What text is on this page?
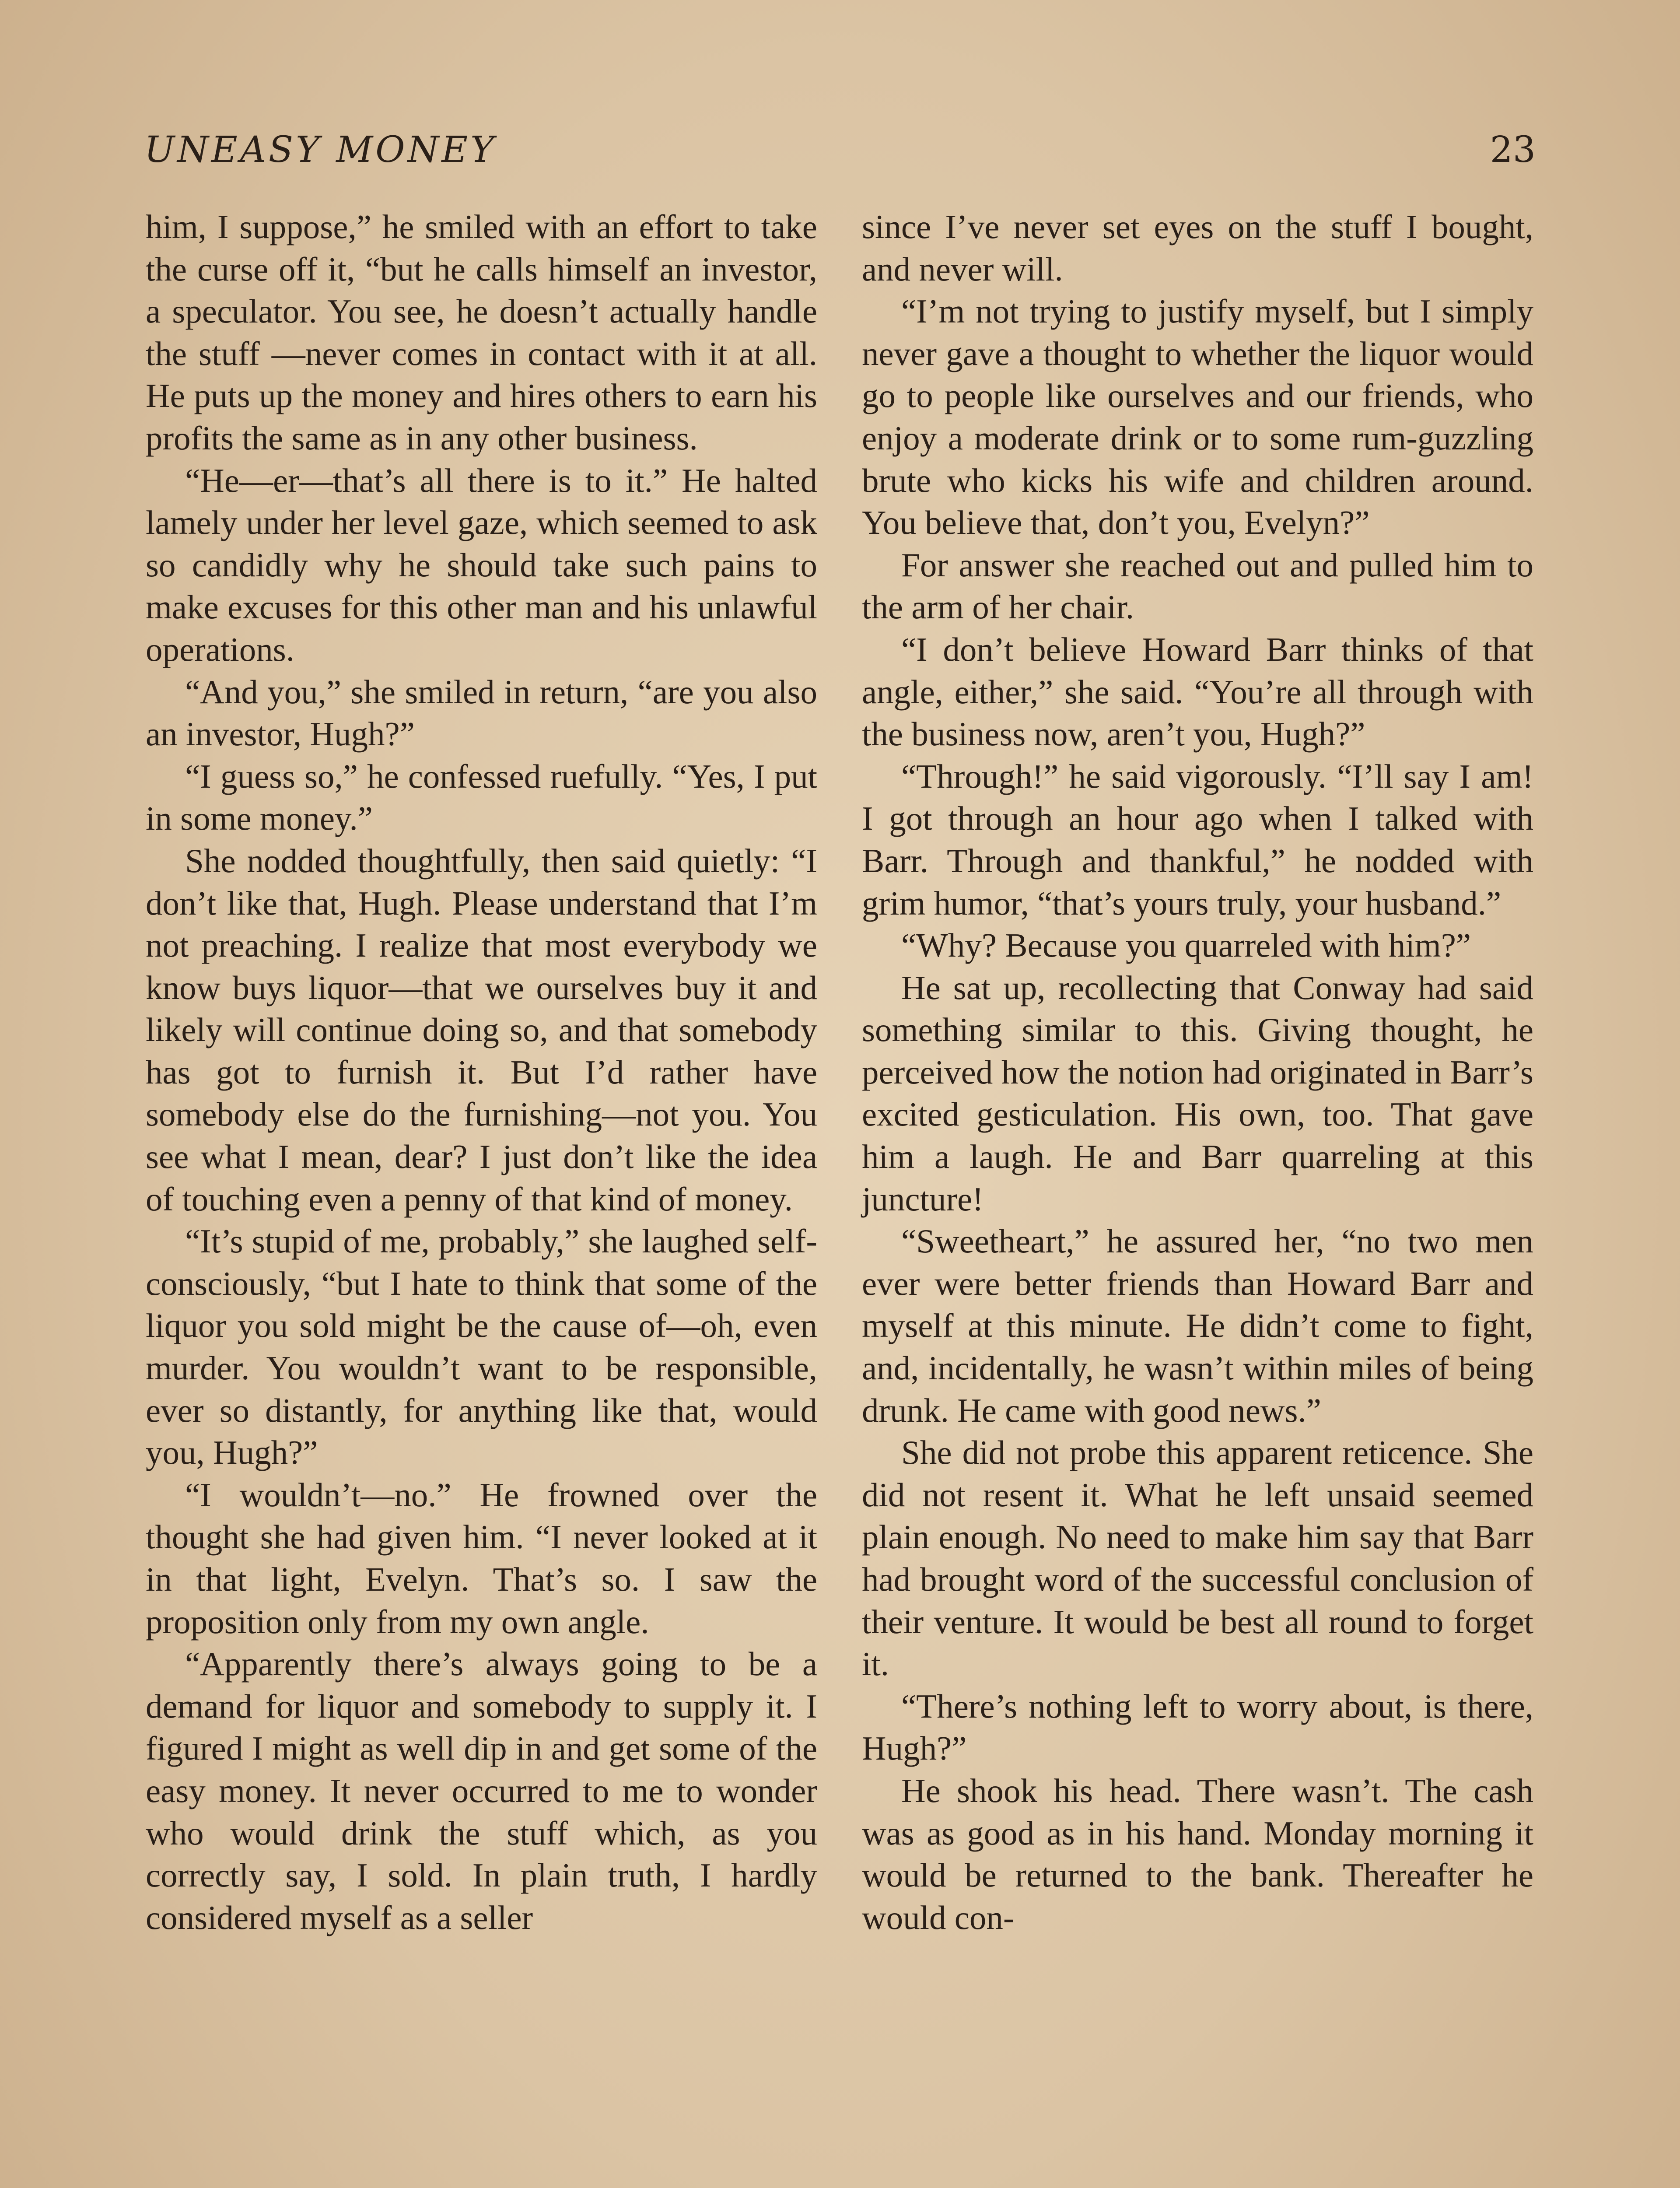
UNEASY MONEY	23

him, I suppose,” he smiled with an effort to take the curse off it, “but he calls himself an investor, a speculator. You see, he doesn’t actually handle the stuff —never comes in contact with it at all. He puts up the money and hires others to earn his profits the same as in any other business.

“He—er—that’s all there is to it.” He halted lamely under her level gaze, which seemed to ask so candidly why he should take such pains to make excuses for this other man and his unlawful operations.

“And you,” she smiled in return, “are you also an investor, Hugh?”

“I guess so,” he confessed ruefully. “Yes, I put in some money.”

She nodded thoughtfully, then said quietly: “I don’t like that, Hugh. Please understand that I’m not preaching. I realize that most everybody we know buys liquor—that we ourselves buy it and likely will continue doing so, and that somebody has got to furnish it. But I’d rather have somebody else do the furnishing—not you. You see what I mean, dear? I just don’t like the idea of touching even a penny of that kind of money.

“It’s stupid of me, probably,” she laughed self-consciously, “but I hate to think that some of the liquor you sold might be the cause of—oh, even murder. You wouldn’t want to be responsible, ever so distantly, for anything like that, would you, Hugh?”

“I wouldn’t—no.” He frowned over the thought she had given him. “I never looked at it in that light, Evelyn. That’s so. I saw the proposition only from my own angle.

“Apparently there’s always going to be a demand for liquor and somebody to supply it. I figured I might as well dip in and get some of the easy money. It never occurred to me to wonder who would drink the stuff which, as you correctly say, I sold. In plain truth, I hardly considered myself as a seller

since I’ve never set eyes on the stuff I bought, and never will.

“I’m not trying to justify myself, but I simply never gave a thought to whether the liquor would go to people like ourselves and our friends, who enjoy a moderate drink or to some rum-guzzling brute who kicks his wife and children around. You believe that, don’t you, Evelyn?”

For answer she reached out and pulled him to the arm of her chair.

“I don’t believe Howard Barr thinks of that angle, either,” she said. “You’re all through with the business now, aren’t you, Hugh?”

“Through!” he said vigorously. “I’ll say I am! I got through an hour ago when I talked with Barr. Through and thankful,” he nodded with grim humor, “that’s yours truly, your husband.”

“Why? Because you quarreled with him?”

He sat up, recollecting that Conway had said something similar to this. Giving thought, he perceived how the notion had originated in Barr’s excited gesticulation. His own, too. That gave him a laugh. He and Barr quarreling at this juncture!

“Sweetheart,” he assured her, “no two men ever were better friends than Howard Barr and myself at this minute. He didn’t come to fight, and, incidentally, he wasn’t within miles of being drunk. He came with good news.”

She did not probe this apparent reticence. She did not resent it. What he left unsaid seemed plain enough. No need to make him say that Barr had brought word of the successful conclusion of their venture. It would be best all round to forget it.

“There’s nothing left to worry about, is there, Hugh?”

He shook his head. There wasn’t. The cash was as good as in his hand. Monday morning it would be returned to the bank. Thereafter he would con-
